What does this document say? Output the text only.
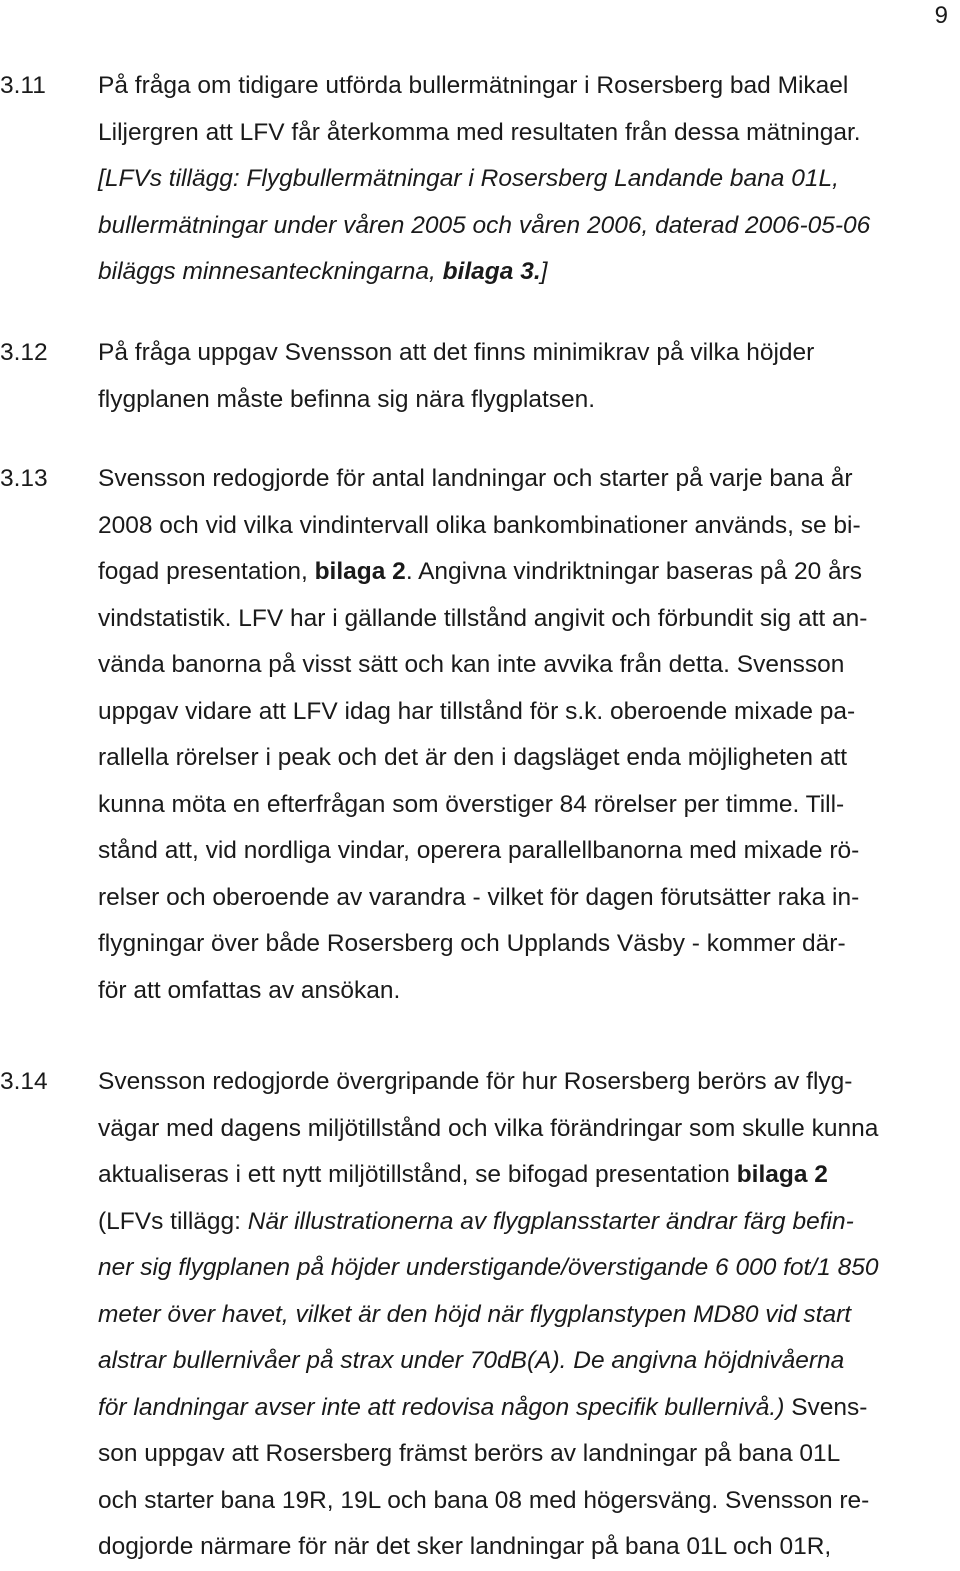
9
3.11 På fråga om tidigare utförda bullermätningar i Rosersberg bad Mikael
Liljergren att LFV får återkomma med resultaten från dessa mätningar.
[LFVs tillägg: Flygbullermätningar i Rosersberg Landande bana 01L,
bullermätningar under våren 2005 och våren 2006, daterad 2006-05-06
biläggs minnesanteckningarna, bilaga 3.]
3.12 På fråga uppgav Svensson att det finns minimikrav på vilka höjder
flygplanen måste befinna sig nära flygplatsen.
3.13 Svensson redogjorde för antal landningar och starter på varje bana år
2008 och vid vilka vindintervall olika bankombinationer används, se bi-
fogad presentation, bilaga 2. Angivna vindriktningar baseras på 20 års
vindstatistik. LFV har i gällande tillstånd angivit och förbundit sig att an-
vända banorna på visst sätt och kan inte avvika från detta. Svensson
uppgav vidare att LFV idag har tillstånd för s.k. oberoende mixade pa-
rallella rörelser i peak och det är den i dagsläget enda möjligheten att
kunna möta en efterfrågan som överstiger 84 rörelser per timme. Till-
stånd att, vid nordliga vindar, operera parallellbanorna med mixade rö-
relser och oberoende av varandra - vilket för dagen förutsätter raka in-
flygningar över både Rosersberg och Upplands Väsby - kommer där-
för att omfattas av ansökan.
3.14 Svensson redogjorde övergripande för hur Rosersberg berörs av flyg-
vägar med dagens miljötillstånd och vilka förändringar som skulle kunna
aktualiseras i ett nytt miljötillstånd, se bifogad presentation bilaga 2
(LFVs tillägg: När illustrationerna av flygplansstarter ändrar färg befin-
ner sig flygplanen på höjder understigande/överstigande 6 000 fot/1 850
meter över havet, vilket är den höjd när flygplanstypen MD80 vid start
alstrar bullernivåer på strax under 70dB(A). De angivna höjdnivåerna
för landningar avser inte att redovisa någon specifik bullernivå.) Svens-
son uppgav att Rosersberg främst berörs av landningar på bana 01L
och starter bana 19R, 19L och bana 08 med högersväng. Svensson re-
dogjorde närmare för när det sker landningar på bana 01L och 01R,
